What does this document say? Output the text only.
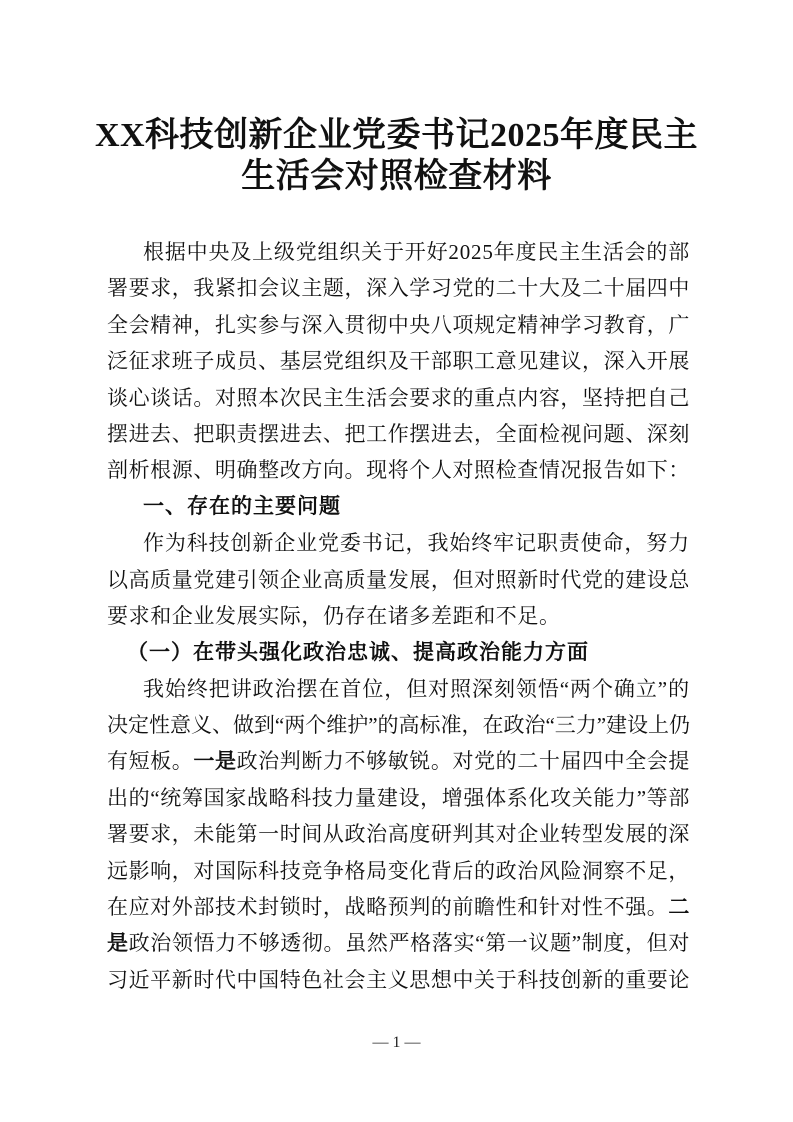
XX科技创新企业党委书记2025年度民主
生活会对照检查材料
根据中央及上级党组织关于开好2025年度民主生活会的部
署要求，我紧扣会议主题，深入学习党的二十大及二十届四中
全会精神，扎实参与深入贯彻中央八项规定精神学习教育，广
泛征求班子成员、基层党组织及干部职工意见建议，深入开展
谈心谈话。对照本次民主生活会要求的重点内容，坚持把自己
摆进去、把职责摆进去、把工作摆进去，全面检视问题、深刻
剖析根源、明确整改方向。现将个人对照检查情况报告如下：
一、存在的主要问题
作为科技创新企业党委书记，我始终牢记职责使命，努力
以高质量党建引领企业高质量发展，但对照新时代党的建设总
要求和企业发展实际，仍存在诸多差距和不足。
（一）在带头强化政治忠诚、提高政治能力方面
我始终把讲政治摆在首位，但对照深刻领悟“两个确立”的
决定性意义、做到“两个维护”的高标准，在政治“三力”建设上仍
有短板。一是政治判断力不够敏锐。对党的二十届四中全会提
出的“统筹国家战略科技力量建设，增强体系化攻关能力”等部
署要求，未能第一时间从政治高度研判其对企业转型发展的深
远影响，对国际科技竞争格局变化背后的政治风险洞察不足，
在应对外部技术封锁时，战略预判的前瞻性和针对性不强。二
是政治领悟力不够透彻。虽然严格落实“第一议题”制度，但对
习近平新时代中国特色社会主义思想中关于科技创新的重要论
— 1 —
